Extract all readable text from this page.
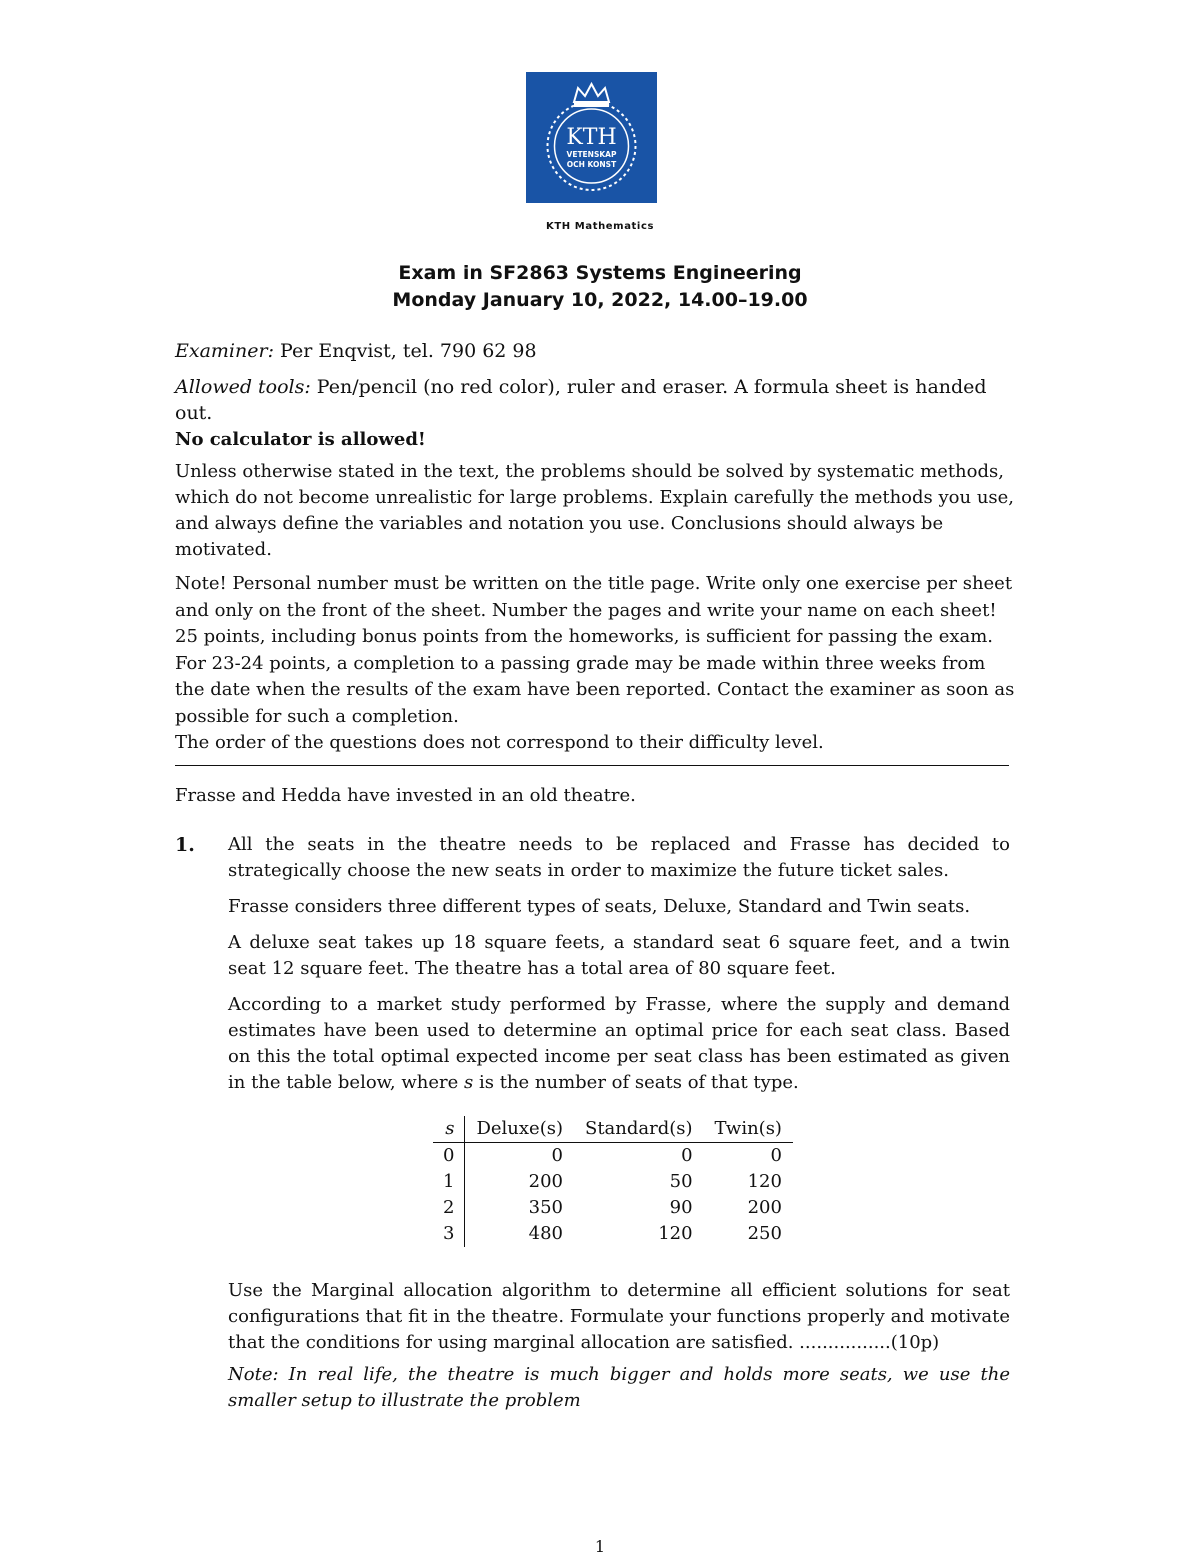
KTH
VETENSKAP
OCH KONST
KTH Mathematics
Exam in SF2863 Systems Engineering
Monday January 10, 2022, 14.00–19.00

Examiner: Per Enqvist, tel. 790 62 98

Allowed tools: Pen/pencil (no red color), ruler and eraser. A formula sheet is handed out.

No calculator is allowed!

Unless otherwise stated in the text, the problems should be solved by systematic methods, which do not become unrealistic for large problems. Explain carefully the methods you use, and always define the variables and notation you use. Conclusions should always be motivated.

Note! Personal number must be written on the title page. Write only one exercise per sheet and only on the front of the sheet. Number the pages and write your name on each sheet!
25 points, including bonus points from the homeworks, is sufficient for passing the exam. For 23-24 points, a completion to a passing grade may be made within three weeks from the date when the results of the exam have been reported. Contact the examiner as soon as possible for such a completion.
The order of the questions does not correspond to their difficulty level.

Frasse and Hedda have invested in an old theatre.
1. All the seats in the theatre needs to be replaced and Frasse has decided to strategically choose the new seats in order to maximize the future ticket sales.

Frasse considers three different types of seats, Deluxe, Standard and Twin seats.

A deluxe seat takes up 18 square feets, a standard seat 6 square feet, and a twin seat 12 square feet. The theatre has a total area of 80 square feet.

According to a market study performed by Frasse, where the supply and demand estimates have been used to determine an optimal price for each seat class. Based on this the total optimal expected income per seat class has been estimated as given in the table below, where s is the number of seats of that type.

s	Deluxe(s)	Standard(s)	Twin(s)
0	0	0	0
1	200	50	120
2	350	90	200
3	480	120	250

Use the Marginal allocation algorithm to determine all efficient solutions for seat configurations that fit in the theatre. Formulate your functions properly and motivate that the conditions for using marginal allocation are satisfied. ................(10p)

Note: In real life, the theatre is much bigger and holds more seats, we use the smaller setup to illustrate the problem

1
